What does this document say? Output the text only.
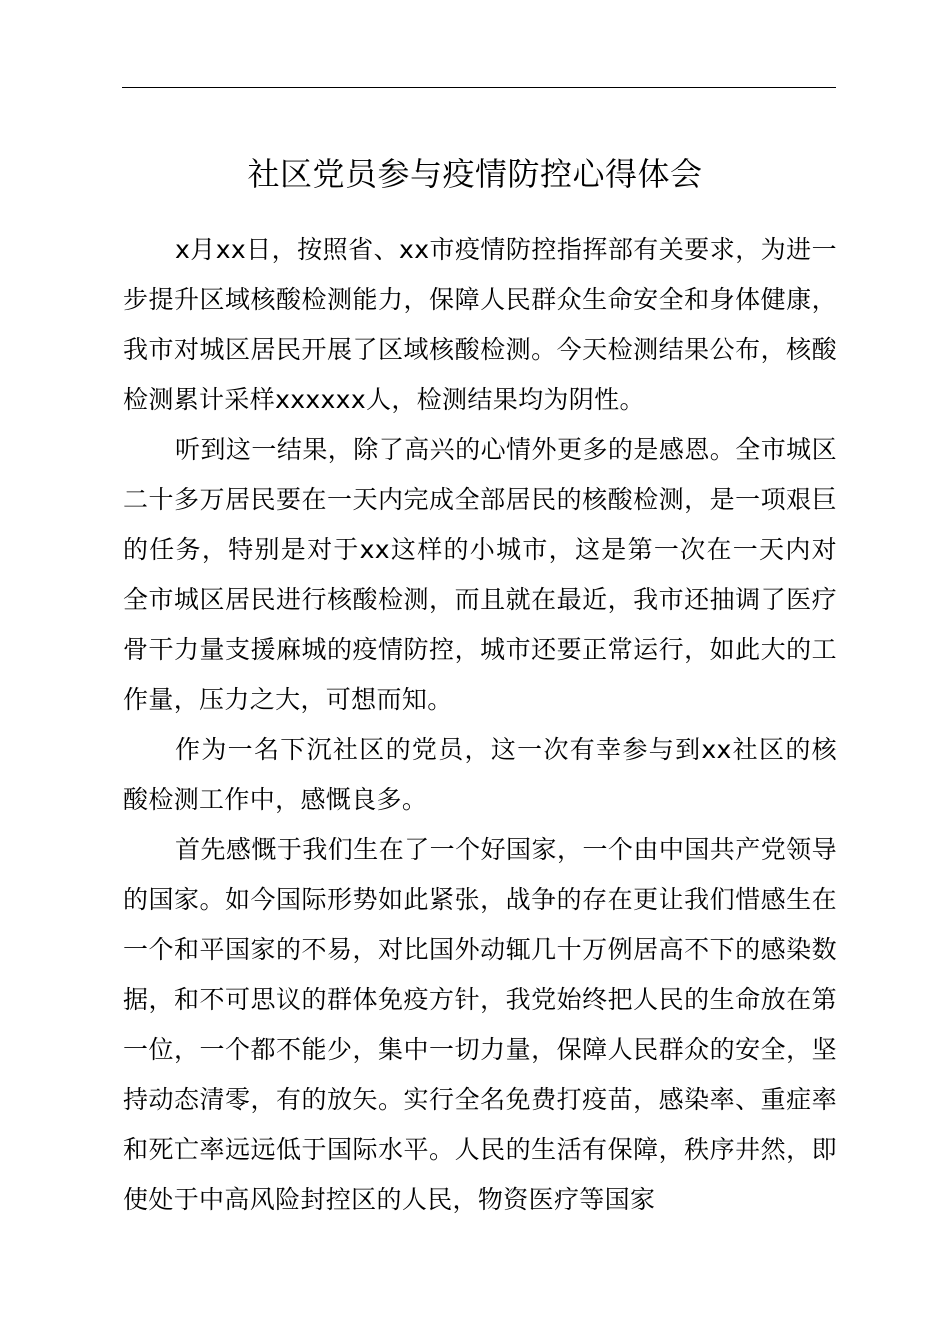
社区党员参与疫情防控心得体会

x月xx日，按照省、xx市疫情防控指挥部有关要求，为进一步提升区域核酸检测能力，保障人民群众生命安全和身体健康，我市对城区居民开展了区域核酸检测。今天检测结果公布，核酸检测累计采样xxxxxx人，检测结果均为阴性。

听到这一结果，除了高兴的心情外更多的是感恩。全市城区二十多万居民要在一天内完成全部居民的核酸检测，是一项艰巨的任务，特别是对于xx这样的小城市，这是第一次在一天内对全市城区居民进行核酸检测，而且就在最近，我市还抽调了医疗骨干力量支援麻城的疫情防控，城市还要正常运行，如此大的工作量，压力之大，可想而知。

作为一名下沉社区的党员，这一次有幸参与到xx社区的核酸检测工作中，感慨良多。

首先感慨于我们生在了一个好国家，一个由中国共产党领导的国家。如今国际形势如此紧张，战争的存在更让我们惜感生在一个和平国家的不易，对比国外动辄几十万例居高不下的感染数据，和不可思议的群体免疫方针，我党始终把人民的生命放在第一位，一个都不能少，集中一切力量，保障人民群众的安全，坚持动态清零，有的放矢。实行全名免费打疫苗，感染率、重症率和死亡率远远低于国际水平。人民的生活有保障，秩序井然，即使处于中高风险封控区的人民，物资医疗等国家
